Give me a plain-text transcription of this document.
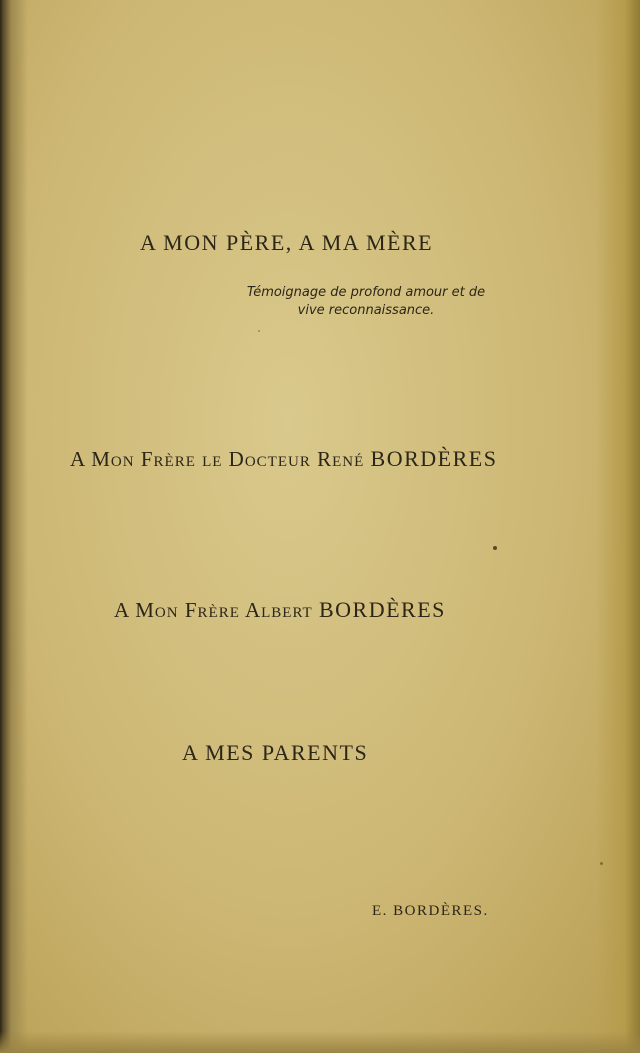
A MON PÈRE, A MA MÈRE

Témoignage de profond amour et de

vive reconnaissance.

A Mon Frère le Docteur René BORDÈRES

A Mon Frère Albert BORDÈRES

A MES PARENTS

E. BORDÈRES.
